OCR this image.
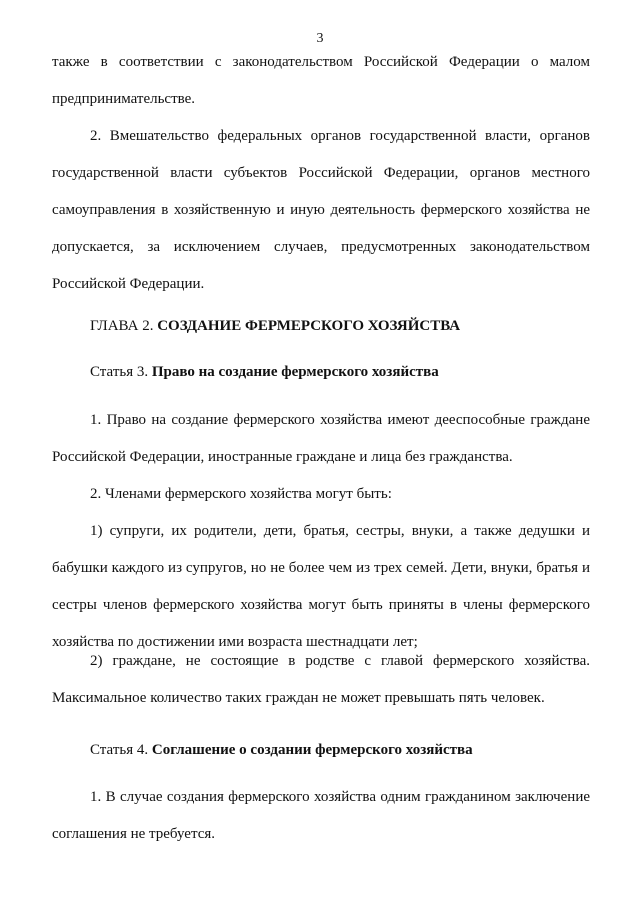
3

также в соответствии с законодательством Российской Федерации о малом предпринимательстве.

2. Вмешательство федеральных органов государственной власти, органов государственной власти субъектов Российской Федерации, органов местного самоуправления в хозяйственную и иную деятельность фермерского хозяйства не допускается, за исключением случаев, предусмотренных законодательством Российской Федерации.

ГЛАВА 2. СОЗДАНИЕ ФЕРМЕРСКОГО ХОЗЯЙСТВА
Статья 3. Право на создание фермерского хозяйства

1. Право на создание фермерского хозяйства имеют дееспособные граждане Российской Федерации, иностранные граждане и лица без гражданства.

2. Членами фермерского хозяйства могут быть:

1) супруги, их родители, дети, братья, сестры, внуки, а также дедушки и бабушки каждого из супругов, но не более чем из трех семей. Дети, внуки, братья и сестры членов фермерского хозяйства могут быть приняты в члены фермерского хозяйства по достижении ими возраста шестнадцати лет;

2) граждане, не состоящие в родстве с главой фермерского хозяйства. Максимальное количество таких граждан не может превышать пять человек.

Статья 4. Соглашение о создании фермерского хозяйства

1. В случае создания фермерского хозяйства одним гражданином заключение соглашения не требуется.
